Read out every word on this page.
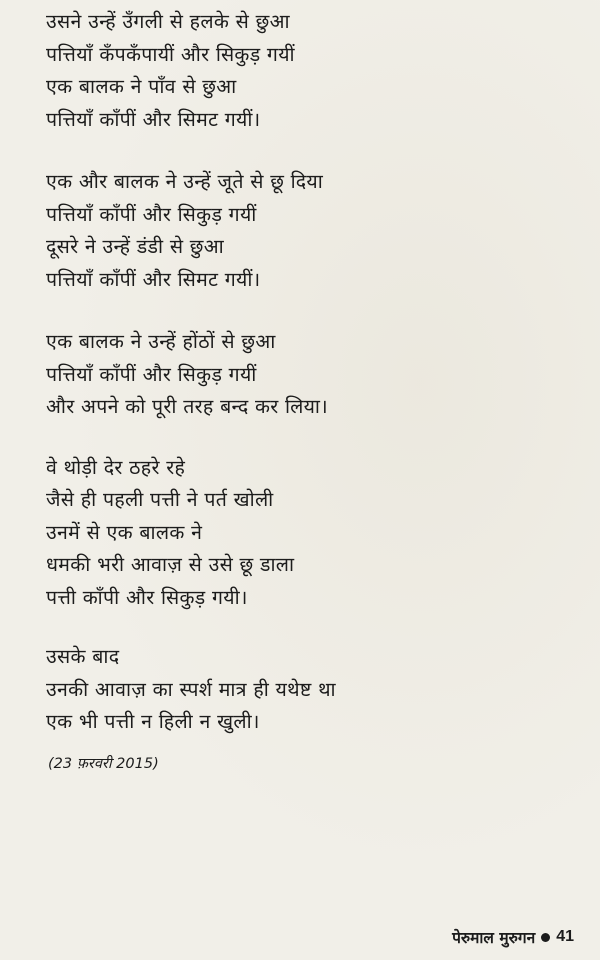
उसने उन्हें उँगली से हलके से छुआ
पत्तियाँ कँपकँपायीं और सिकुड़ गयीं
एक बालक ने पाँव से छुआ
पत्तियाँ काँपीं और सिमट गयीं।
एक और बालक ने उन्हें जूते से छू दिया
पत्तियाँ काँपीं और सिकुड़ गयीं
दूसरे ने उन्हें डंडी से छुआ
पत्तियाँ काँपीं और सिमट गयीं।
एक बालक ने उन्हें होंठों से छुआ
पत्तियाँ काँपीं और सिकुड़ गयीं
और अपने को पूरी तरह बन्द कर लिया।
वे थोड़ी देर ठहरे रहे
जैसे ही पहली पत्ती ने पर्त खोली
उनमें से एक बालक ने
धमकी भरी आवाज़ से उसे छू डाला
पत्ती काँपी और सिकुड़ गयी।
उसके बाद
उनकी आवाज़ का स्पर्श मात्र ही यथेष्ट था
एक भी पत्ती न हिली न खुली।
(23 फ़रवरी 2015)
पेरुमाल मुरुगन 41
